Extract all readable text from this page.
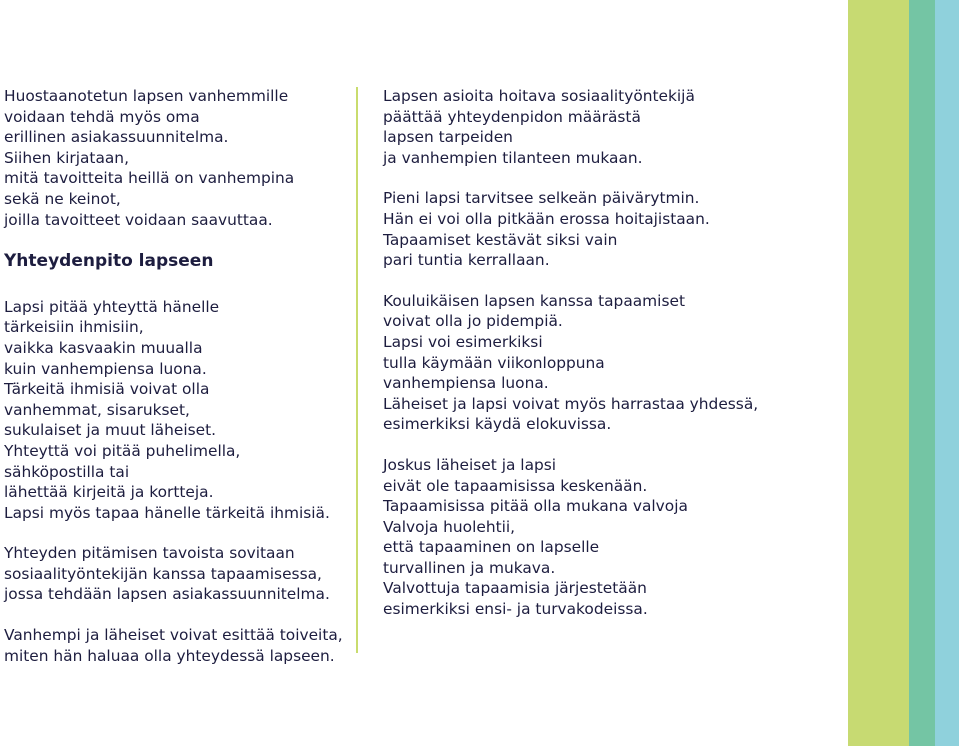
Huostaanotetun lapsen vanhemmille
voidaan tehdä myös oma
erillinen asiakassuunnitelma.
Siihen kirjataan,
mitä tavoitteita heillä on vanhempina
sekä ne keinot,
joilla tavoitteet voidaan saavuttaa.

Yhteydenpito lapseen

Lapsi pitää yhteyttä hänelle
tärkeisiin ihmisiin,
vaikka kasvaakin muualla
kuin vanhempiensa luona.
Tärkeitä ihmisiä voivat olla
vanhemmat, sisarukset,
sukulaiset ja muut läheiset.
Yhteyttä voi pitää puhelimella,
sähköpostilla tai
lähettää kirjeitä ja kortteja.
Lapsi myös tapaa hänelle tärkeitä ihmisiä.

Yhteyden pitämisen tavoista sovitaan
sosiaalityöntekijän kanssa tapaamisessa,
jossa tehdään lapsen asiakassuunnitelma.

Vanhempi ja läheiset voivat esittää toiveita,
miten hän haluaa olla yhteydessä lapseen.

Lapsen asioita hoitava sosiaalityöntekijä
päättää yhteydenpidon määrästä
lapsen tarpeiden
ja vanhempien tilanteen mukaan.

Pieni lapsi tarvitsee selkeän päivärytmin.
Hän ei voi olla pitkään erossa hoitajistaan.
Tapaamiset kestävät siksi vain
pari tuntia kerrallaan.

Kouluikäisen lapsen kanssa tapaamiset
voivat olla jo pidempiä.
Lapsi voi esimerkiksi
tulla käymään viikonloppuna
vanhempiensa luona.
Läheiset ja lapsi voivat myös harrastaa yhdessä,
esimerkiksi käydä elokuvissa.

Joskus läheiset ja lapsi
eivät ole tapaamisissa keskenään.
Tapaamisissa pitää olla mukana valvoja
Valvoja huolehtii,
että tapaaminen on lapselle
turvallinen ja mukava.
Valvottuja tapaamisia järjestetään
esimerkiksi ensi- ja turvakodeissa.
